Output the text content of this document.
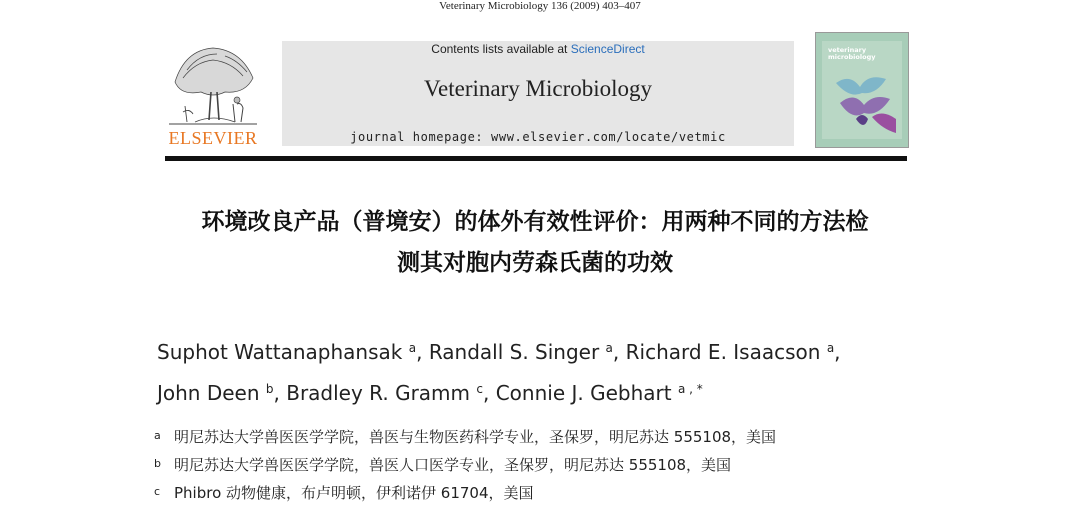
Veterinary Microbiology 136 (2009) 403–407
ELSEVIER
Contents lists available at ScienceDirect
Veterinary Microbiology
journal homepage: www.elsevier.com/locate/vetmic
veterinary
microbiology
环境改良产品（普境安）的体外有效性评价：用两种不同的方法检
测其对胞内劳森氏菌的功效
Suphot Wattanaphansak $^a$, Randall S. Singer $^a$, Richard E. Isaacson $^a$,
John Deen $^b$, Bradley R. Gramm $^c$, Connie J. Gebhart $^{a , *}$
a 明尼苏达大学兽医医学学院，兽医与生物医药科学专业，圣保罗，明尼苏达 555108，美国
b 明尼苏达大学兽医医学学院，兽医人口医学专业，圣保罗，明尼苏达 555108，美国
c Phibro 动物健康，布卢明顿，伊利诺伊 61704，美国
